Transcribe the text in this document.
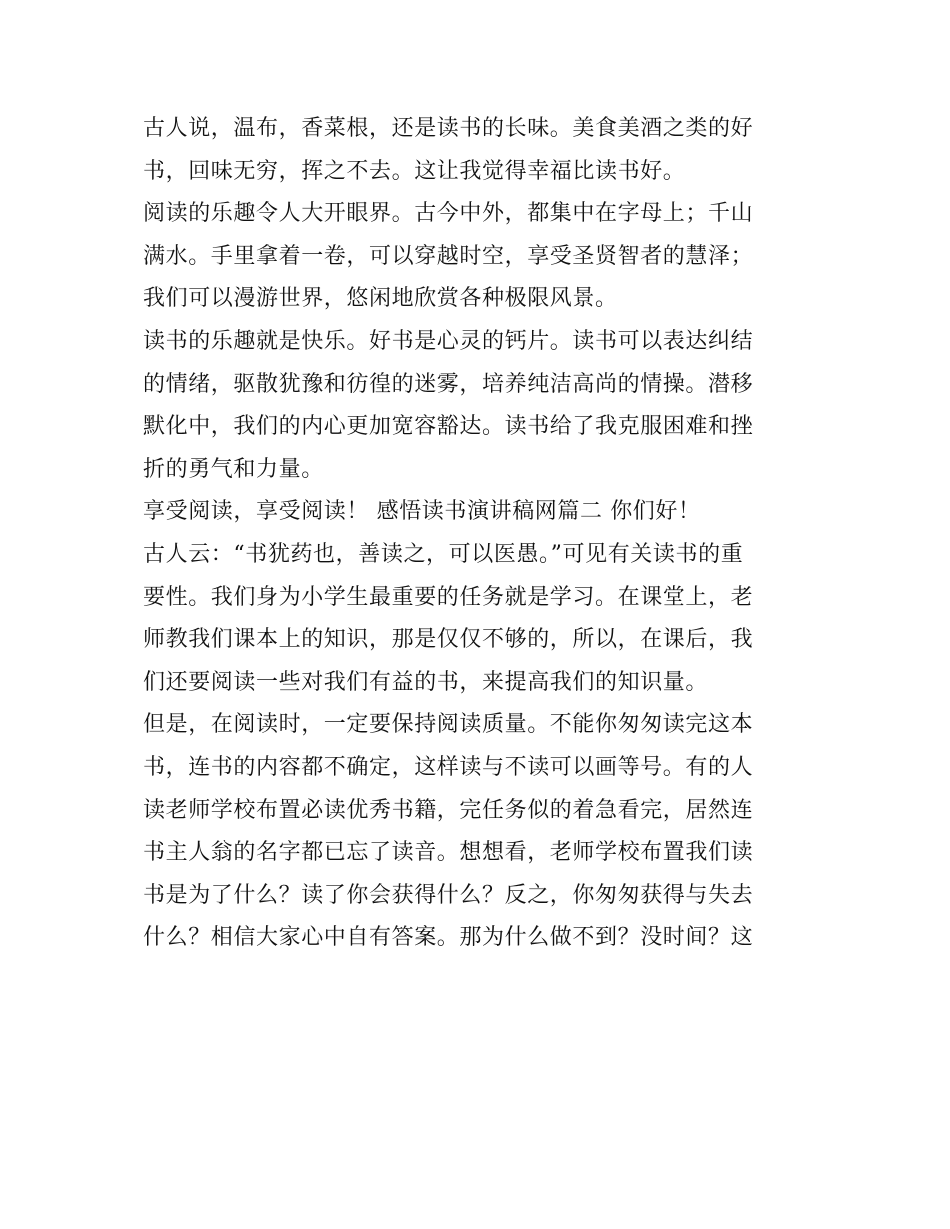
古人说，温布，香菜根，还是读书的长味。美食美酒之类的好
书，回味无穷，挥之不去。这让我觉得幸福比读书好。
阅读的乐趣令人大开眼界。古今中外，都集中在字母上；千山
满水。手里拿着一卷，可以穿越时空，享受圣贤智者的慧泽；
我们可以漫游世界，悠闲地欣赏各种极限风景。
读书的乐趣就是快乐。好书是心灵的钙片。读书可以表达纠结
的情绪，驱散犹豫和彷徨的迷雾，培养纯洁高尚的情操。潜移
默化中，我们的内心更加宽容豁达。读书给了我克服困难和挫
折的勇气和力量。
享受阅读，享受阅读！ 感悟读书演讲稿网篇二 你们好！
古人云：“书犹药也，善读之，可以医愚。”可见有关读书的重
要性。我们身为小学生最重要的任务就是学习。在课堂上，老
师教我们课本上的知识，那是仅仅不够的，所以，在课后，我
们还要阅读一些对我们有益的书，来提高我们的知识量。
但是，在阅读时，一定要保持阅读质量。不能你匆匆读完这本
书，连书的内容都不确定，这样读与不读可以画等号。有的人
读老师学校布置必读优秀书籍，完任务似的着急看完，居然连
书主人翁的名字都已忘了读音。想想看，老师学校布置我们读
书是为了什么？读了你会获得什么？反之，你匆匆获得与失去
什么？相信大家心中自有答案。那为什么做不到？没时间？这
